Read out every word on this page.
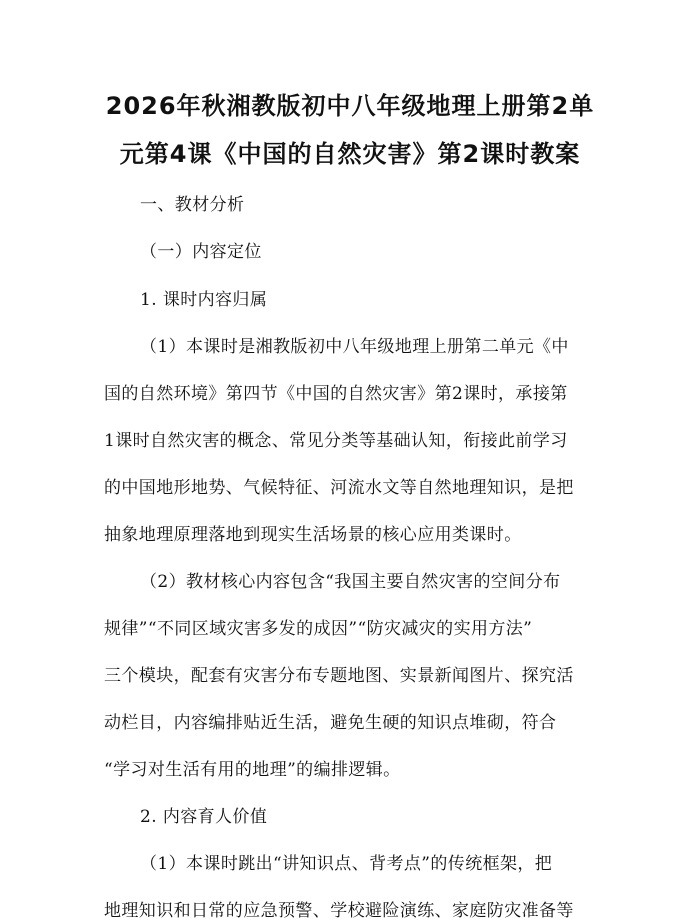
2026年秋湘教版初中八年级地理上册第2单
元第4课《中国的自然灾害》第2课时教案

一、教材分析

（一）内容定位

1. 课时内容归属

（1）本课时是湘教版初中八年级地理上册第二单元《中

国的自然环境》第四节《中国的自然灾害》第2课时，承接第

1课时自然灾害的概念、常见分类等基础认知，衔接此前学习

的中国地形地势、气候特征、河流水文等自然地理知识，是把

抽象地理原理落地到现实生活场景的核心应用类课时。

（2）教材核心内容包含“我国主要自然灾害的空间分布

规律”“不同区域灾害多发的成因”“防灾减灾的实用方法”

三个模块，配套有灾害分布专题地图、实景新闻图片、探究活

动栏目，内容编排贴近生活，避免生硬的知识点堆砌，符合

“学习对生活有用的地理”的编排逻辑。

2. 内容育人价值

（1）本课时跳出“讲知识点、背考点”的传统框架，把

地理知识和日常的应急预警、学校避险演练、家庭防灾准备等
